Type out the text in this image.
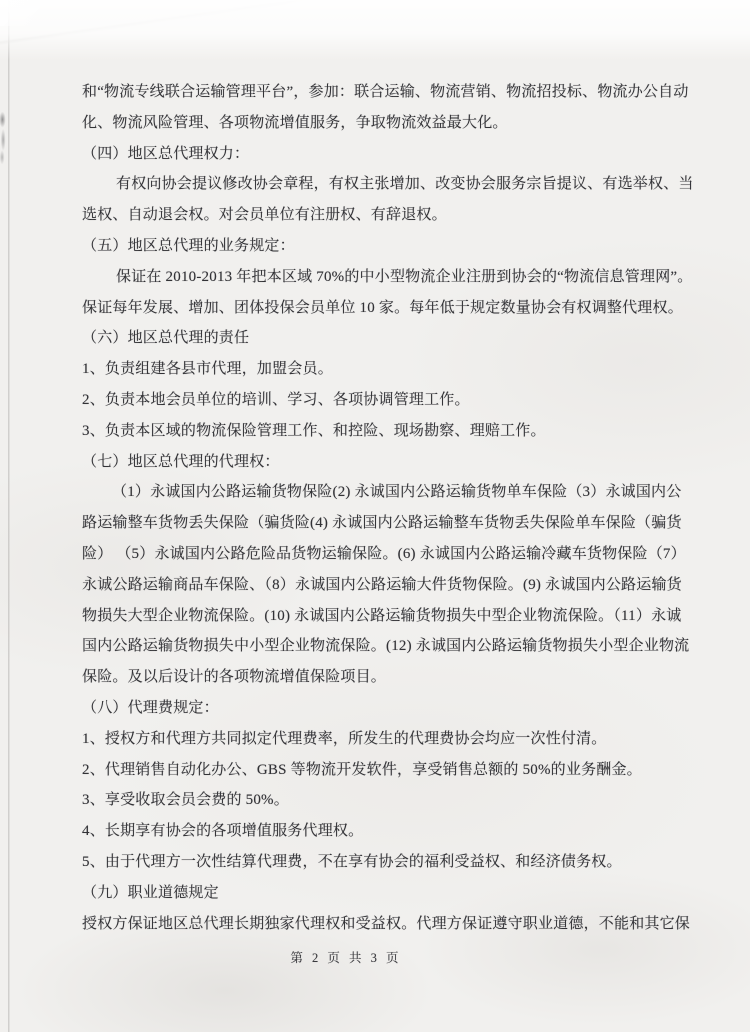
和“物流专线联合运输管理平台”，参加：联合运输、物流营销、物流招投标、物流办公自动
化、物流风险管理、各项物流增值服务，争取物流效益最大化。
（四）地区总代理权力：
有权向协会提议修改协会章程，有权主张增加、改变协会服务宗旨提议、有选举权、当
选权、自动退会权。对会员单位有注册权、有辞退权。
（五）地区总代理的业务规定：
保证在 2010-2013 年把本区域 70%的中小型物流企业注册到协会的“物流信息管理网”。
保证每年发展、增加、团体投保会员单位 10 家。每年低于规定数量协会有权调整代理权。
（六）地区总代理的责任
1、负责组建各县市代理，加盟会员。
2、负责本地会员单位的培训、学习、各项协调管理工作。
3、负责本区域的物流保险管理工作、和控险、现场勘察、理赔工作。
（七）地区总代理的代理权：
（1）永诚国内公路运输货物保险(2) 永诚国内公路运输货物单车保险（3）永诚国内公
路运输整车货物丢失保险（骗货险(4) 永诚国内公路运输整车货物丢失保险单车保险（骗货
险） （5）永诚国内公路危险品货物运输保险。(6) 永诚国内公路运输冷藏车货物保险（7）
永诚公路运输商品车保险、（8）永诚国内公路运输大件货物保险。(9) 永诚国内公路运输货
物损失大型企业物流保险。(10) 永诚国内公路运输货物损失中型企业物流保险。（11）永诚
国内公路运输货物损失中小型企业物流保险。(12) 永诚国内公路运输货物损失小型企业物流
保险。及以后设计的各项物流增值保险项目。
（八）代理费规定：
1、授权方和代理方共同拟定代理费率，所发生的代理费协会均应一次性付清。
2、代理销售自动化办公、GBS 等物流开发软件，享受销售总额的 50%的业务酬金。
3、享受收取会员会费的 50%。
4、长期享有协会的各项增值服务代理权。
5、由于代理方一次性结算代理费，不在享有协会的福利受益权、和经济债务权。
（九）职业道德规定
授权方保证地区总代理长期独家代理权和受益权。代理方保证遵守职业道德，不能和其它保
第 2 页 共 3 页
